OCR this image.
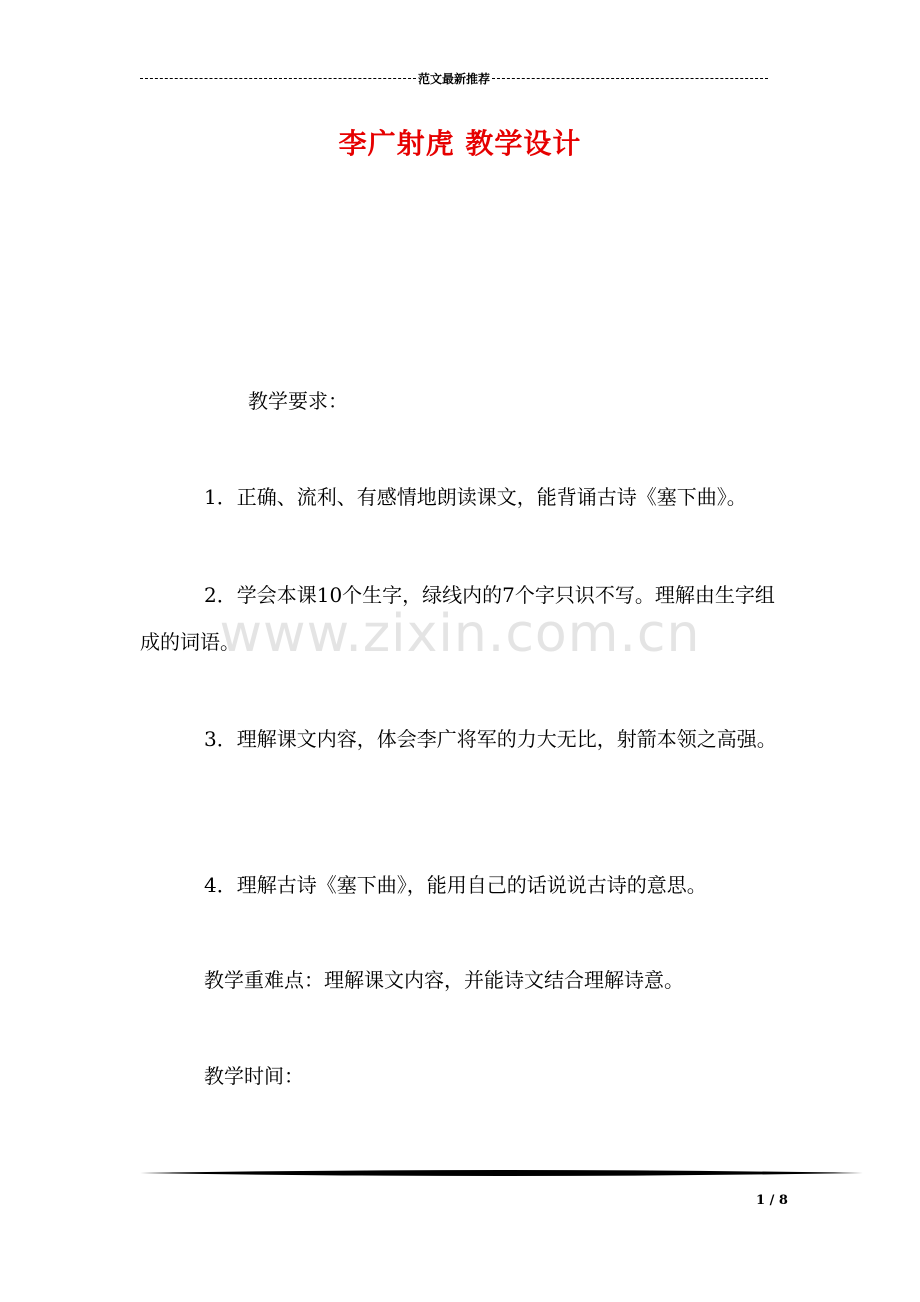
范文最新推荐
李广射虎 教学设计
教学要求：
1．正确、流利、有感情地朗读课文，能背诵古诗《塞下曲》。
2．学会本课10个生字，绿线内的7个字只识不写。理解由生字组成的词语。
3．理解课文内容，体会李广将军的力大无比，射箭本领之高强。
4．理解古诗《塞下曲》，能用自己的话说说古诗的意思。
教学重难点：理解课文内容，并能诗文结合理解诗意。
教学时间：
www.zixin.com.cn
1 / 8
